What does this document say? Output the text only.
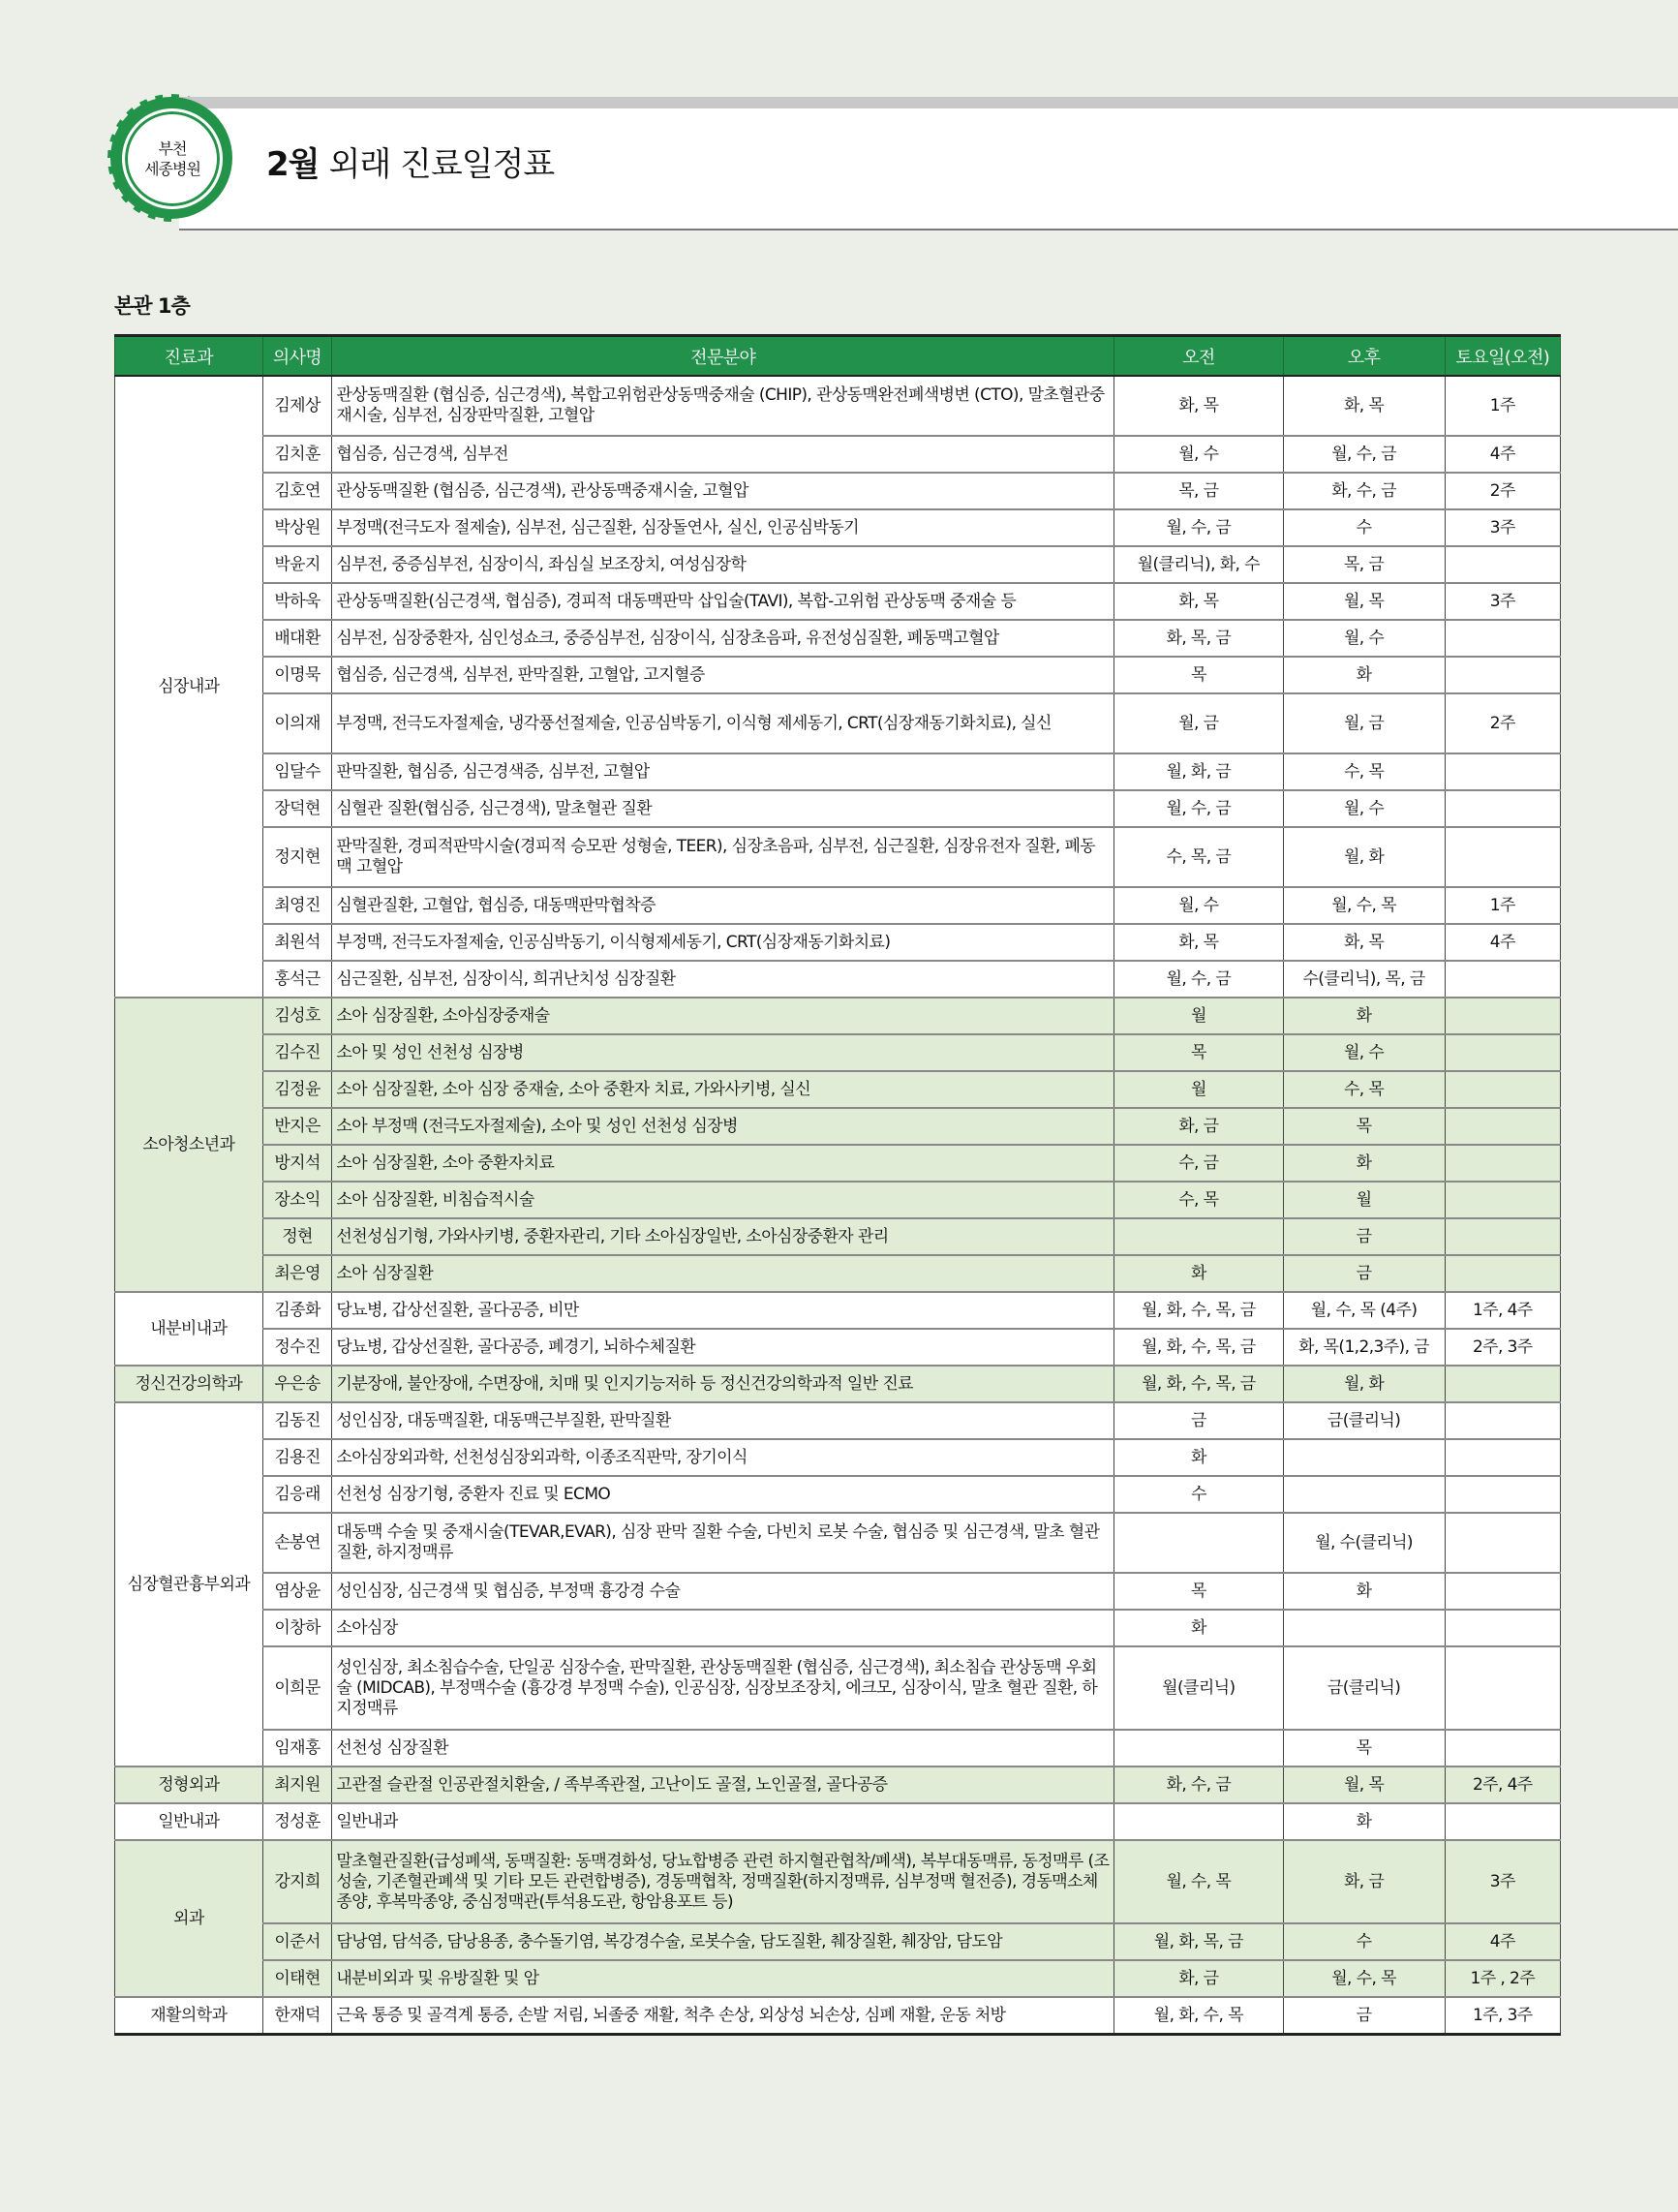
부천
세종병원 2월 외래 진료일정표
본관 1층
진료과	의사명	전문분야	오전	오후	토요일(오전)
심장내과	김제상	관상동맥질환 (협심증, 심근경색), 복합고위험관상동맥중재술 (CHIP), 관상동맥완전폐색병변 (CTO), 말초혈관중재시술, 심부전, 심장판막질환, 고혈압	화, 목	화, 목	1주
	김치훈	협심증, 심근경색, 심부전	월, 수	월, 수, 금	4주
	김호연	관상동맥질환 (협심증, 심근경색), 관상동맥중재시술, 고혈압	목, 금	화, 수, 금	2주
	박상원	부정맥(전극도자 절제술), 심부전, 심근질환, 심장돌연사, 실신, 인공심박동기	월, 수, 금	수	3주
	박윤지	심부전, 중증심부전, 심장이식, 좌심실 보조장치, 여성심장학	월(클리닉), 화, 수	목, 금	
	박하욱	관상동맥질환(심근경색, 협심증), 경피적 대동맥판막 삽입술(TAVI), 복합-고위험 관상동맥 중재술 등	화, 목	월, 목	3주
	배대환	심부전, 심장중환자, 심인성쇼크, 중증심부전, 심장이식, 심장초음파, 유전성심질환, 폐동맥고혈압	화, 목, 금	월, 수	
	이명묵	협심증, 심근경색, 심부전, 판막질환, 고혈압, 고지혈증	목	화	
	이의재	부정맥, 전극도자절제술, 냉각풍선절제술, 인공심박동기, 이식형 제세동기, CRT(심장재동기화치료), 실신	월, 금	월, 금	2주
	임달수	판막질환, 협심증, 심근경색증, 심부전, 고혈압	월, 화, 금	수, 목	
	장덕현	심혈관 질환(협심증, 심근경색), 말초혈관 질환	월, 수, 금	월, 수	
	정지현	판막질환, 경피적판막시술(경피적 승모판 성형술, TEER), 심장초음파, 심부전, 심근질환, 심장유전자 질환, 폐동맥 고혈압	수, 목, 금	월, 화	
	최영진	심혈관질환, 고혈압, 협심증, 대동맥판막협착증	월, 수	월, 수, 목	1주
	최원석	부정맥, 전극도자절제술, 인공심박동기, 이식형제세동기, CRT(심장재동기화치료)	화, 목	화, 목	4주
	홍석근	심근질환, 심부전, 심장이식, 희귀난치성 심장질환	월, 수, 금	수(클리닉), 목, 금	
소아청소년과	김성호	소아 심장질환, 소아심장중재술	월	화	
	김수진	소아 및 성인 선천성 심장병	목	월, 수	
	김정윤	소아 심장질환, 소아 심장 중재술, 소아 중환자 치료, 가와사키병, 실신	월	수, 목	
	반지은	소아 부정맥 (전극도자절제술), 소아 및 성인 선천성 심장병	화, 금	목	
	방지석	소아 심장질환, 소아 중환자치료	수, 금	화	
	장소익	소아 심장질환, 비침습적시술	수, 목	월	
	정현	선천성심기형, 가와사키병, 중환자관리, 기타 소아심장일반, 소아심장중환자 관리		금	
	최은영	소아 심장질환	화	금	
내분비내과	김종화	당뇨병, 갑상선질환, 골다공증, 비만	월, 화, 수, 목, 금	월, 수, 목 (4주)	1주, 4주
	정수진	당뇨병, 갑상선질환, 골다공증, 폐경기, 뇌하수체질환	월, 화, 수, 목, 금	화, 목(1,2,3주), 금	2주, 3주
정신건강의학과	우은송	기분장애, 불안장애, 수면장애, 치매 및 인지기능저하 등 정신건강의학과적 일반 진료	월, 화, 수, 목, 금	월, 화	
심장혈관흉부외과	김동진	성인심장, 대동맥질환, 대동맥근부질환, 판막질환	금	금(클리닉)	
	김용진	소아심장외과학, 선천성심장외과학, 이종조직판막, 장기이식	화		
	김응래	선천성 심장기형, 중환자 진료 및 ECMO	수		
	손봉연	대동맥 수술 및 중재시술(TEVAR,EVAR), 심장 판막 질환 수술, 다빈치 로봇 수술, 협심증 및 심근경색, 말초 혈관 질환, 하지정맥류		월, 수(클리닉)	
	염상윤	성인심장, 심근경색 및 협심증, 부정맥 흉강경 수술	목	화	
	이창하	소아심장	화		
	이희문	성인심장, 최소침습수술, 단일공 심장수술, 판막질환, 관상동맥질환 (협심증, 심근경색), 최소침습 관상동맥 우회술 (MIDCAB), 부정맥수술 (흉강경 부정맥 수술), 인공심장, 심장보조장치, 에크모, 심장이식, 말초 혈관 질환, 하지정맥류	월(클리닉)	금(클리닉)	
	임재홍	선천성 심장질환		목	
정형외과	최지원	고관절 슬관절 인공관절치환술, / 족부족관절, 고난이도 골절, 노인골절, 골다공증	화, 수, 금	월, 목	2주, 4주
일반내과	정성훈	일반내과		화	
외과	강지희	말초혈관질환(급성폐색, 동맥질환: 동맥경화성, 당뇨합병증 관련 하지혈관협착/폐색), 복부대동맥류, 동정맥루 (조성술, 기존혈관폐색 및 기타 모든 관련합병증), 경동맥협착, 정맥질환(하지정맥류, 심부정맥 혈전증), 경동맥소체종양, 후복막종양, 중심정맥관(투석용도관, 항암용포트 등)	월, 수, 목	화, 금	3주
	이준서	담낭염, 담석증, 담낭용종, 충수돌기염, 복강경수술, 로봇수술, 담도질환, 췌장질환, 췌장암, 담도암	월, 화, 목, 금	수	4주
	이태현	내분비외과 및 유방질환 및 암	화, 금	월, 수, 목	1주 , 2주
재활의학과	한재덕	근육 통증 및 골격계 통증, 손발 저림, 뇌졸중 재활, 척추 손상, 외상성 뇌손상, 심폐 재활, 운동 처방	월, 화, 수, 목	금	1주, 3주
